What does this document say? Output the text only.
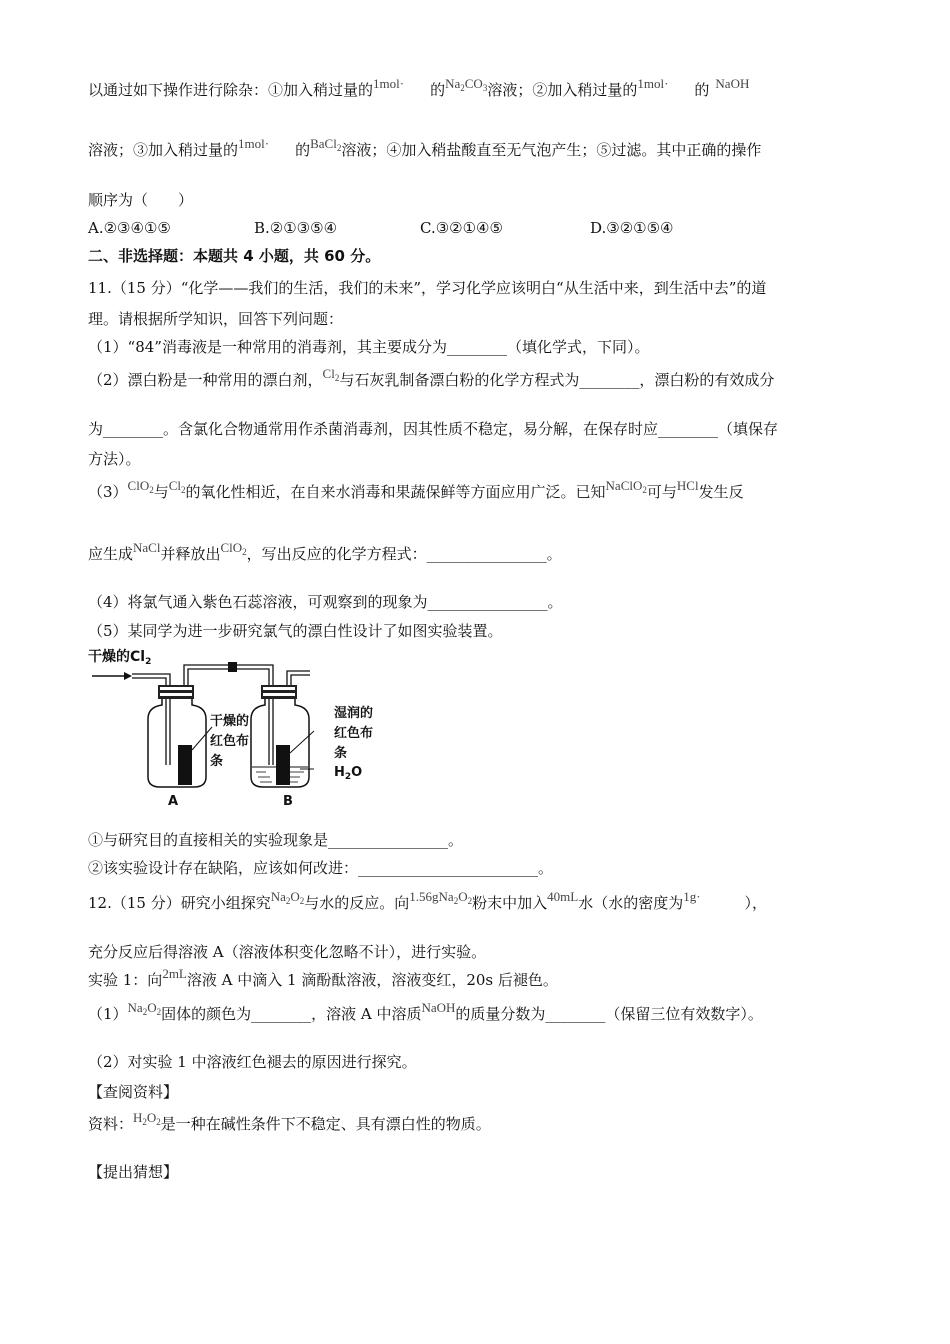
以通过如下操作进行除杂：①加入稍过量的1mol· 的$Na_2CO_3$溶液；②加入稍过量的1mol· 的 NaOH
溶液；③加入稍过量的1mol· 的BaCl$_2$溶液；④加入稍盐酸直至无气泡产生；⑤过滤。其中正确的操作
顺序为（　　）
A.②③④①⑤	B.②①③⑤④	C.③②①④⑤	D.③②①⑤④
二、非选择题：本题共 4 小题，共 60 分。
11.（15 分）“化学——我们的生活，我们的未来”，学习化学应该明白“从生活中来，到生活中去”的道
理。请根据所学知识，回答下列问题：
（1）“84”消毒液是一种常用的消毒剂，其主要成分为________（填化学式，下同）。
（2）漂白粉是一种常用的漂白剂，$Cl_2$与石灰乳制备漂白粉的化学方程式为________，漂白粉的有效成分
为________。含氯化合物通常用作杀菌消毒剂，因其性质不稳定，易分解，在保存时应________（填保存
方法）。
（3）ClO$_2$与$Cl_2$的氧化性相近，在自来水消毒和果蔬保鲜等方面应用广泛。已知NaClO$_2$可与HCl发生反
应生成NaCl并释放出ClO$_2$，写出反应的化学方程式：________________。
（4）将氯气通入紫色石蕊溶液，可观察到的现象为________________。
（5）某同学为进一步研究氯气的漂白性设计了如图实验装置。
干燥的$Cl_2$
干燥的
红色布
条
A
湿润的
红色布
条
$H_2O$
B
①与研究目的直接相关的实验现象是________________。
②该实验设计存在缺陷，应该如何改进：________________________。
12.（15 分）研究小组探究$Na_2O_2$与水的反应。向$1.56gNa_2O_2$粉末中加入40mL水（水的密度为1g·	），
充分反应后得溶液 A（溶液体积变化忽略不计），进行实验。
实验 1：向2mL溶液 A 中滴入 1 滴酚酞溶液，溶液变红，20s 后褪色。
$(1)Na_2O_2$固体的颜色为________，溶液 A 中溶质NaOH的质量分数为________（保留三位有效数字）。
（2）对实验 1 中溶液红色褪去的原因进行探究。
【查阅资料】
资料：$H_2O_2$是一种在碱性条件下不稳定、具有漂白性的物质。
【提出猜想】
